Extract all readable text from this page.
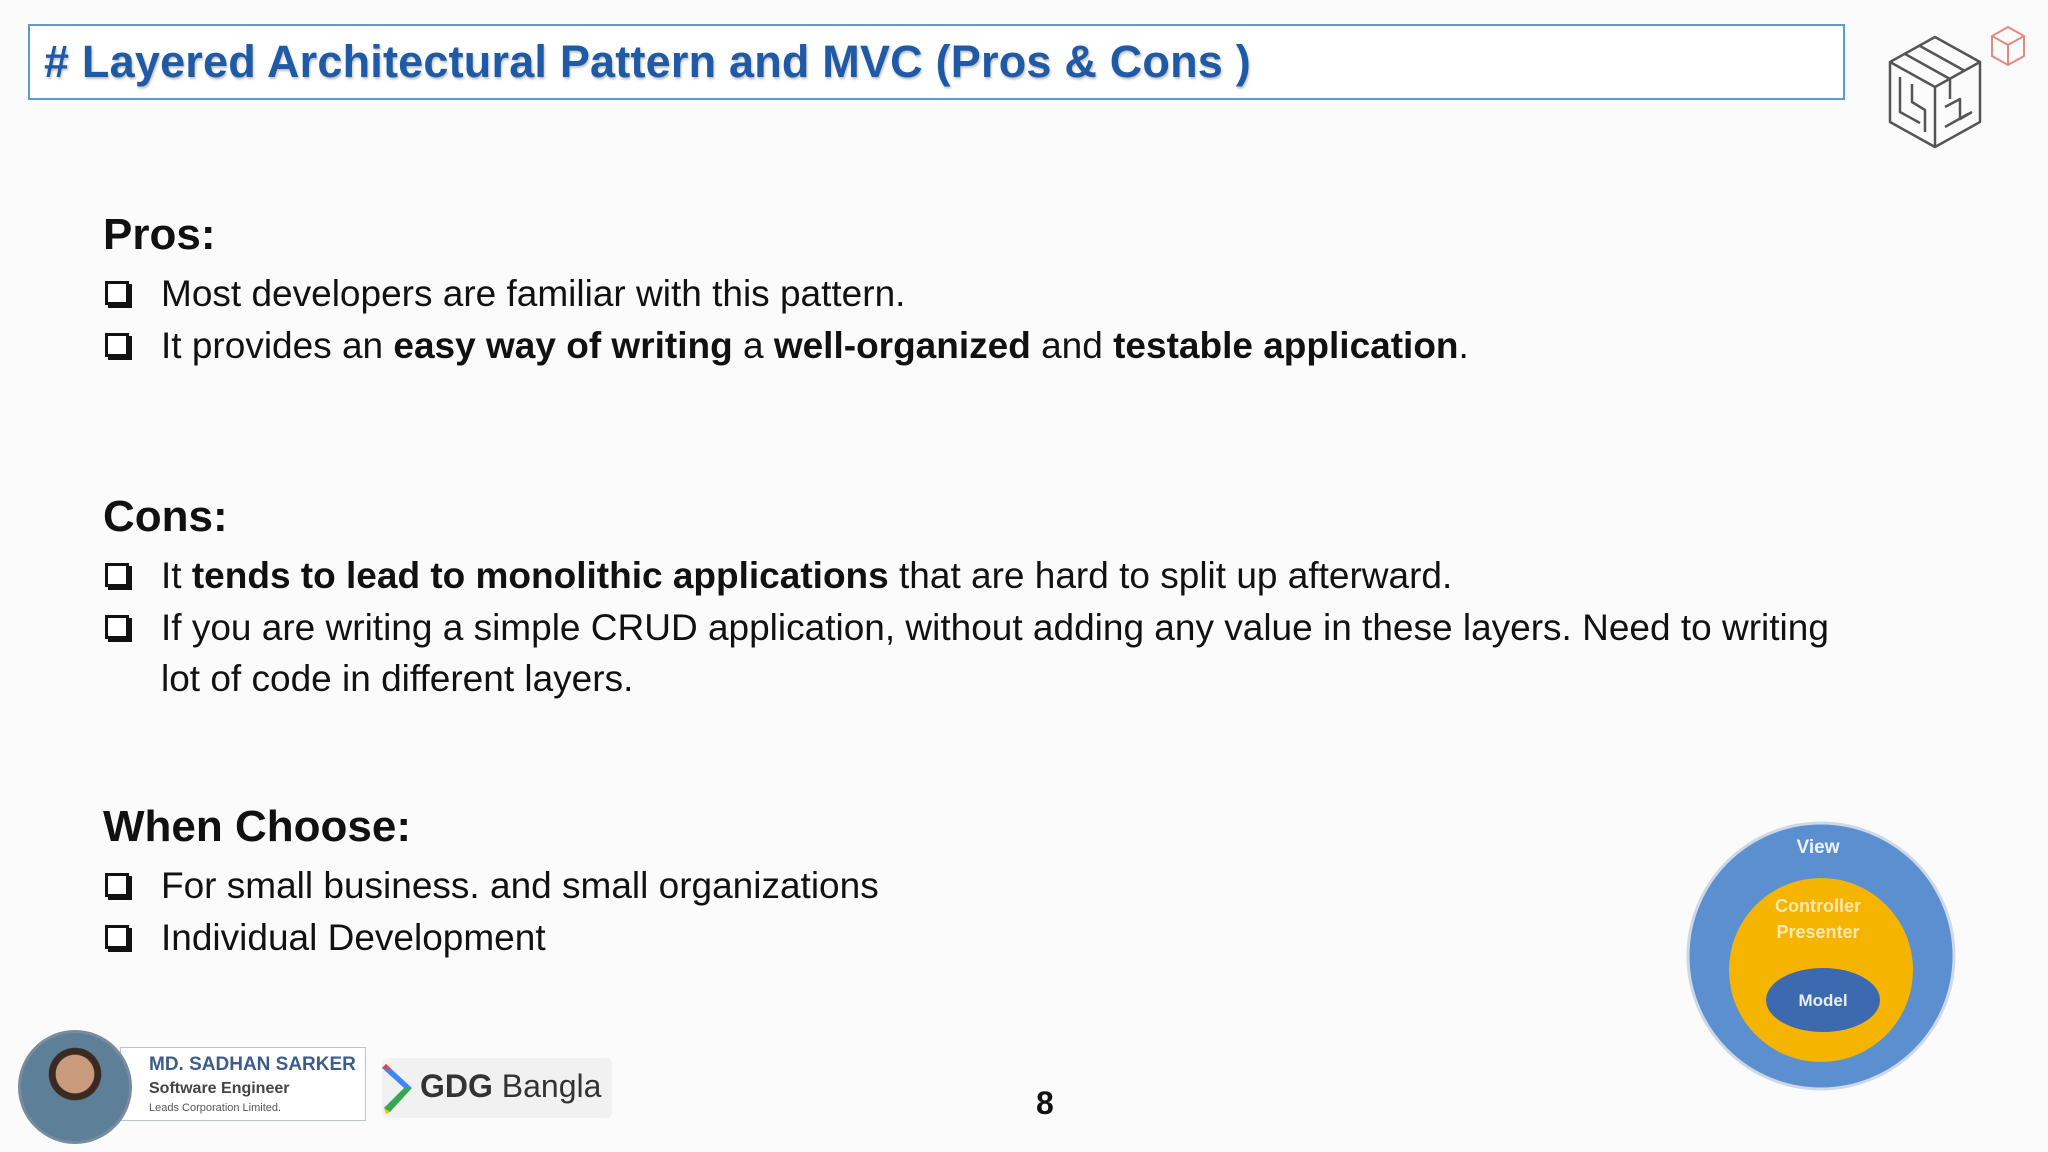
# Layered Architectural Pattern and MVC (Pros & Cons )
Pros:
Most developers are familiar with this pattern.
It provides an easy way of writing a well-organized and testable application.
Cons:
It tends to lead to monolithic applications that are hard to split up afterward.
If you are writing a simple CRUD application, without adding any value in these layers. Need to writing lot of code in different layers.
When Choose:
For small business. and small organizations
Individual Development
View
Controller
Presenter
Model
MD. SADHAN SARKER
Software Engineer
Leads Corporation Limited.
GDG Bangla	8
